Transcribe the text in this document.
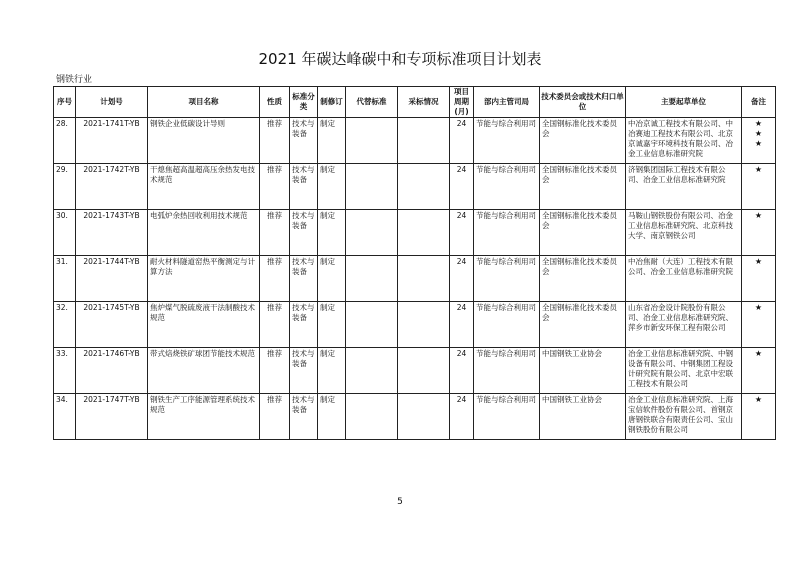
2021 年碳达峰碳中和专项标准项目计划表
钢铁行业
序号	计划号	项目名称	性质	标准分类	制修订	代替标准	采标情况	项目周期(月)	部内主管司局	技术委员会或技术归口单位	主要起草单位	备注
28.	2021-1741T-YB	钢铁企业低碳设计导则	推荐	技术与装备	制定			24	节能与综合利用司	全国钢标准化技术委员会	中冶京诚工程技术有限公司、中冶赛迪工程技术有限公司、北京京诚嘉宇环境科技有限公司、冶金工业信息标准研究院	★
★
★
29.	2021-1742T-YB	干熄焦超高温超高压余热发电技术规范	推荐	技术与装备	制定			24	节能与综合利用司	全国钢标准化技术委员会	济钢集团国际工程技术有限公司、冶金工业信息标准研究院	★
30.	2021-1743T-YB	电弧炉余热回收利用技术规范	推荐	技术与装备	制定			24	节能与综合利用司	全国钢标准化技术委员会	马鞍山钢铁股份有限公司、冶金工业信息标准研究院、北京科技大学、南京钢铁公司	★
31.	2021-1744T-YB	耐火材料隧道窑热平衡测定与计算方法	推荐	技术与装备	制定			24	节能与综合利用司	全国钢标准化技术委员会	中冶焦耐（大连）工程技术有限公司、冶金工业信息标准研究院	★
32.	2021-1745T-YB	焦炉煤气脱硫废液干法制酸技术规范	推荐	技术与装备	制定			24	节能与综合利用司	全国钢标准化技术委员会	山东省冶金设计院股份有限公司、冶金工业信息标准研究院、萍乡市新安环保工程有限公司	★
33.	2021-1746T-YB	带式焙烧铁矿球团节能技术规范	推荐	技术与装备	制定			24	节能与综合利用司	中国钢铁工业协会	冶金工业信息标准研究院、中钢设备有限公司、中钢集团工程设计研究院有限公司、北京中宏联工程技术有限公司	★
34.	2021-1747T-YB	钢铁生产工序能源管理系统技术规范	推荐	技术与装备	制定			24	节能与综合利用司	中国钢铁工业协会	冶金工业信息标准研究院、上海宝信软件股份有限公司、首钢京唐钢铁联合有限责任公司、宝山钢铁股份有限公司	★
5
